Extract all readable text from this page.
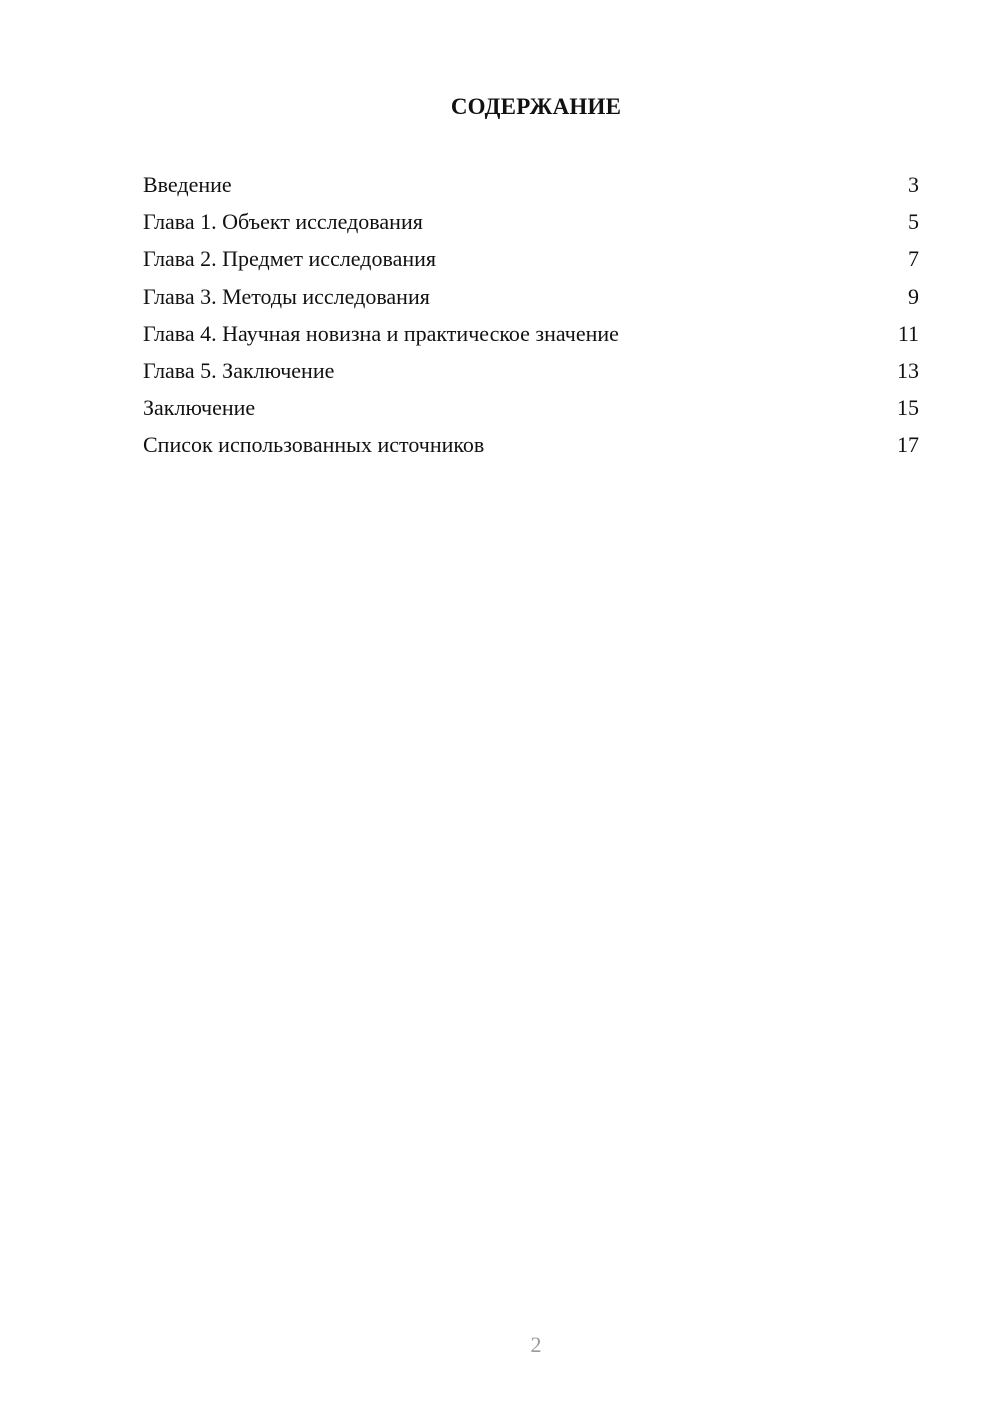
СОДЕРЖАНИЕ
Введение	3
Глава 1. Объект исследования	5
Глава 2. Предмет исследования	7
Глава 3. Методы исследования	9
Глава 4. Научная новизна и практическое значение	11
Глава 5. Заключение	13
Заключение	15
Список использованных источников	17
2
